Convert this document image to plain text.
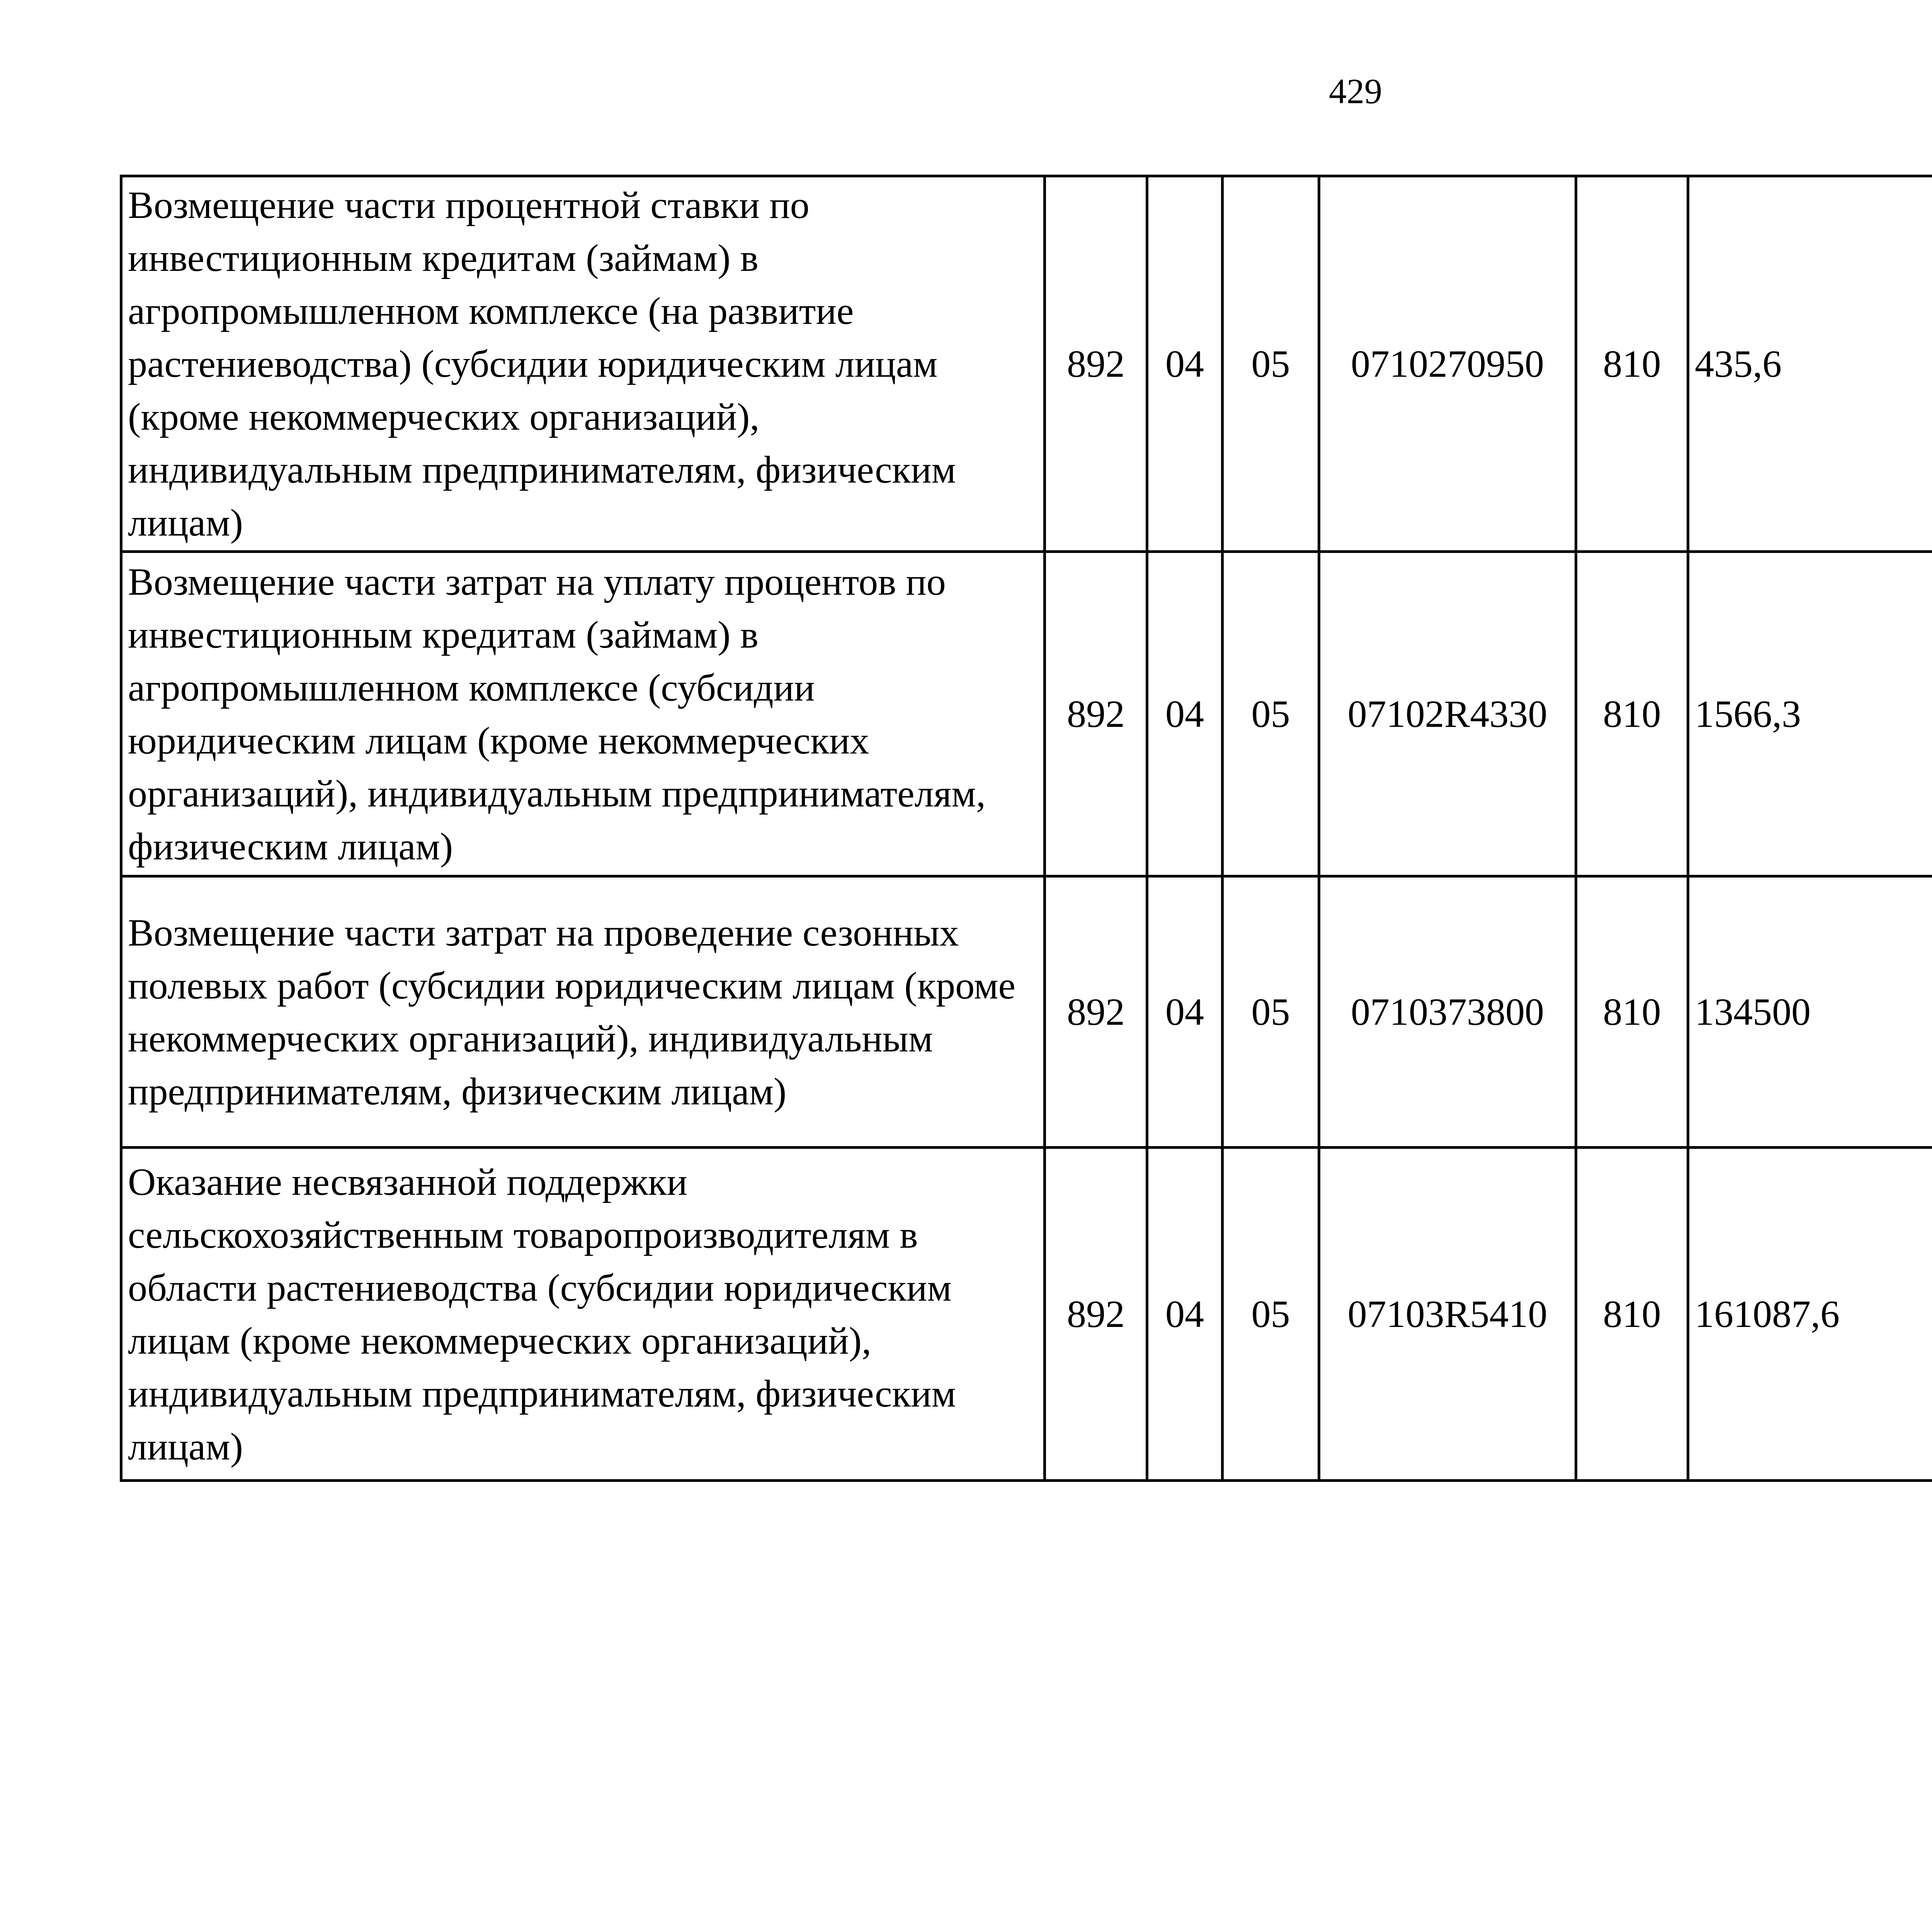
429
Возмещение части процентной ставки по инвестиционным кредитам (займам) в агропромышленном комплексе (на развитие растениеводства) (субсидии юридическим лицам (кроме некоммерческих организаций), индивидуальным предпринимателям, физическим лицам)	892	04	05	0710270950	810	435,6		
Возмещение части затрат на уплату процентов по инвестиционным кредитам (займам) в агропромышленном комплексе (субсидии юридическим лицам (кроме некоммерческих организаций), индивидуальным предпринимателям, физическим лицам)	892	04	05	07102R4330	810	1566,3		
Возмещение части затрат на проведение сезонных полевых работ (субсидии юридическим лицам (кроме некоммерческих организаций), индивидуальным предпринимателям, физическим лицам)	892	04	05	0710373800	810	134500		
Оказание несвязанной поддержки сельскохозяйственным товаропроизводителям в области растениеводства (субсидии юридическим лицам (кроме некоммерческих организаций), индивидуальным предпринимателям, физическим лицам)	892	04	05	07103R5410	810	161087,6		
